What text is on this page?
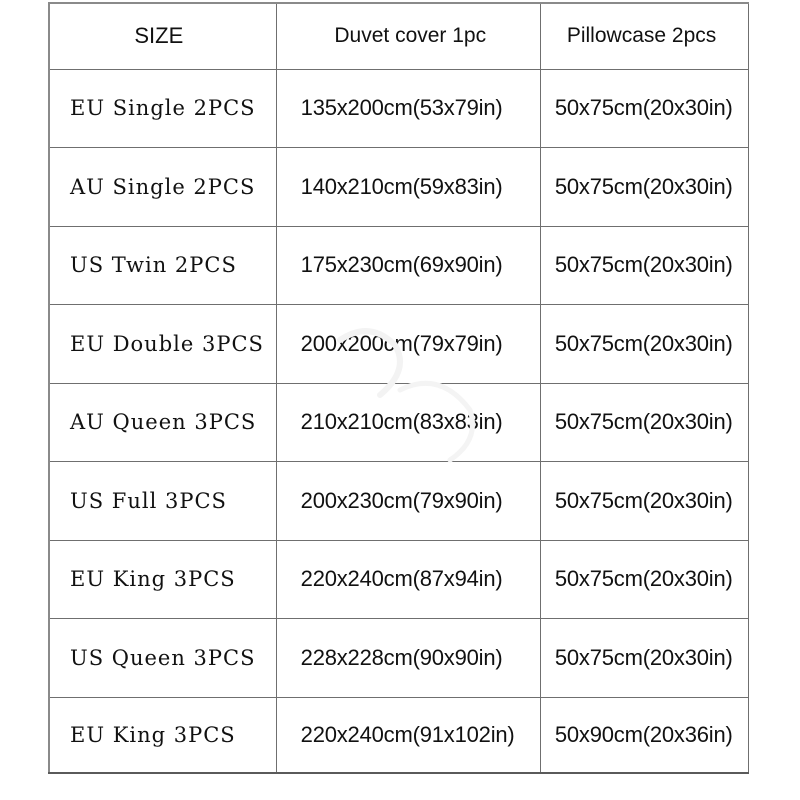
SIZE	Duvet cover 1pc	Pillowcase 2pcs
EU Single 2PCS	135x200cm(53x79in)	50x75cm(20x30in)
AU Single 2PCS	140x210cm(59x83in)	50x75cm(20x30in)
US Twin 2PCS	175x230cm(69x90in)	50x75cm(20x30in)
EU Double 3PCS	200x200cm(79x79in)	50x75cm(20x30in)
AU Queen 3PCS	210x210cm(83x83in)	50x75cm(20x30in)
US Full 3PCS	200x230cm(79x90in)	50x75cm(20x30in)
EU King 3PCS	220x240cm(87x94in)	50x75cm(20x30in)
US Queen 3PCS	228x228cm(90x90in)	50x75cm(20x30in)
EU King 3PCS	220x240cm(91x102in)	50x90cm(20x36in)
